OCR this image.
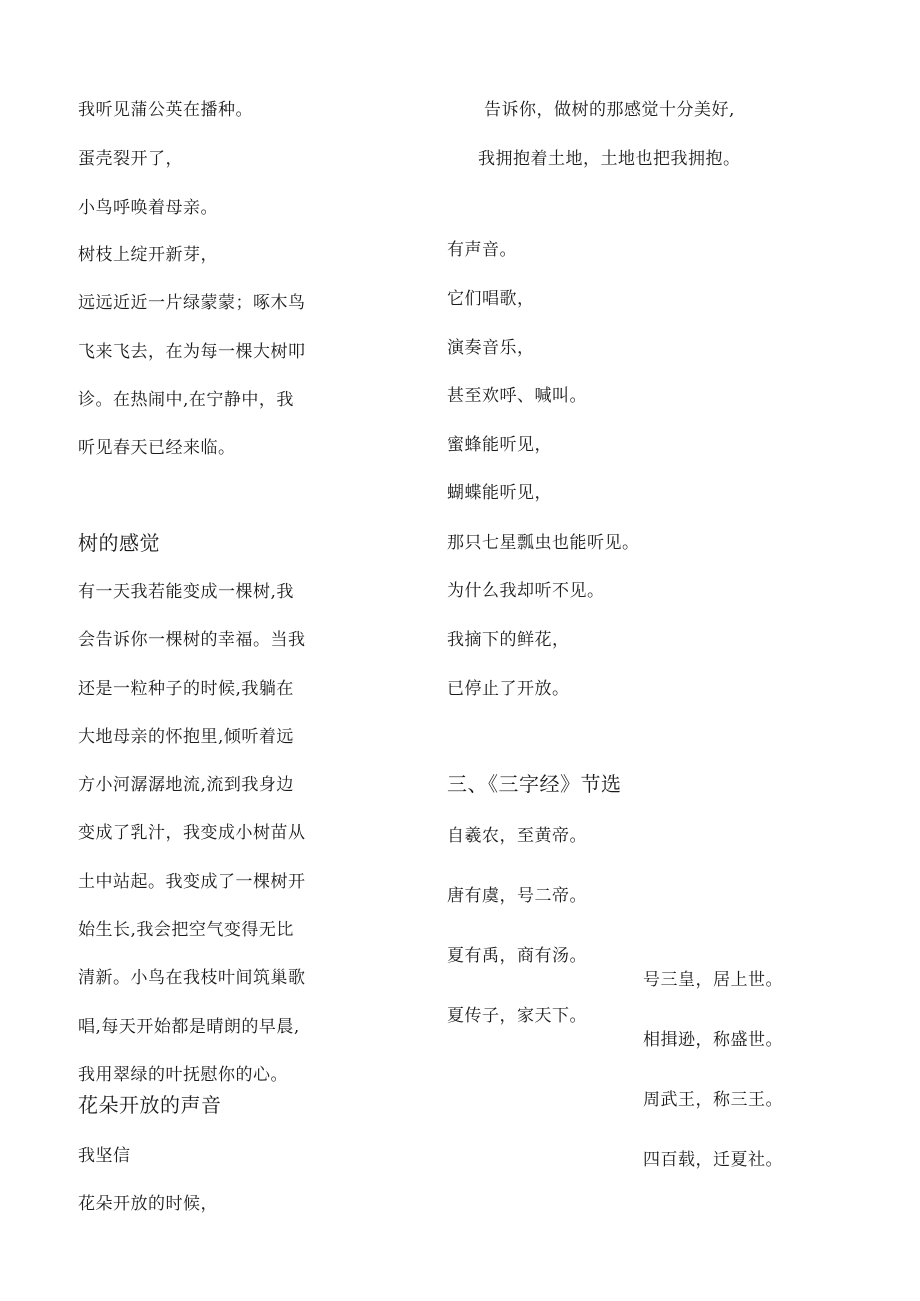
我听见蒲公英在播种。
蛋壳裂开了，
小鸟呼唤着母亲。
树枝上绽开新芽，
远远近近一片绿蒙蒙；啄木鸟
飞来飞去，在为每一棵大树叩
诊。在热闹中,在宁静中，我
听见春天已经来临。
树的感觉
有一天我若能变成一棵树,我
会告诉你一棵树的幸福。当我
还是一粒种子的时候,我躺在
大地母亲的怀抱里,倾听着远
方小河潺潺地流,流到我身边
变成了乳汁，我变成小树苗从
土中站起。我变成了一棵树开
始生长,我会把空气变得无比
清新。小鸟在我枝叶间筑巢歌
唱,每天开始都是晴朗的早晨,
我用翠绿的叶抚慰你的心。
花朵开放的声音
我坚信
花朵开放的时候，
告诉你，做树的那感觉十分美好,
我拥抱着土地，土地也把我拥抱。
有声音。
它们唱歌，
演奏音乐，
甚至欢呼、喊叫。
蜜蜂能听见，
蝴蝶能听见，
那只七星瓢虫也能听见。
为什么我却听不见。
我摘下的鲜花，
已停止了开放。
三、《三字经》节选
自羲农，至黄帝。
唐有虞，号二帝。
夏有禹，商有汤。
夏传子，家天下。
号三皇，居上世。
相揖逊，称盛世。
周武王，称三王。
四百载，迁夏社。
